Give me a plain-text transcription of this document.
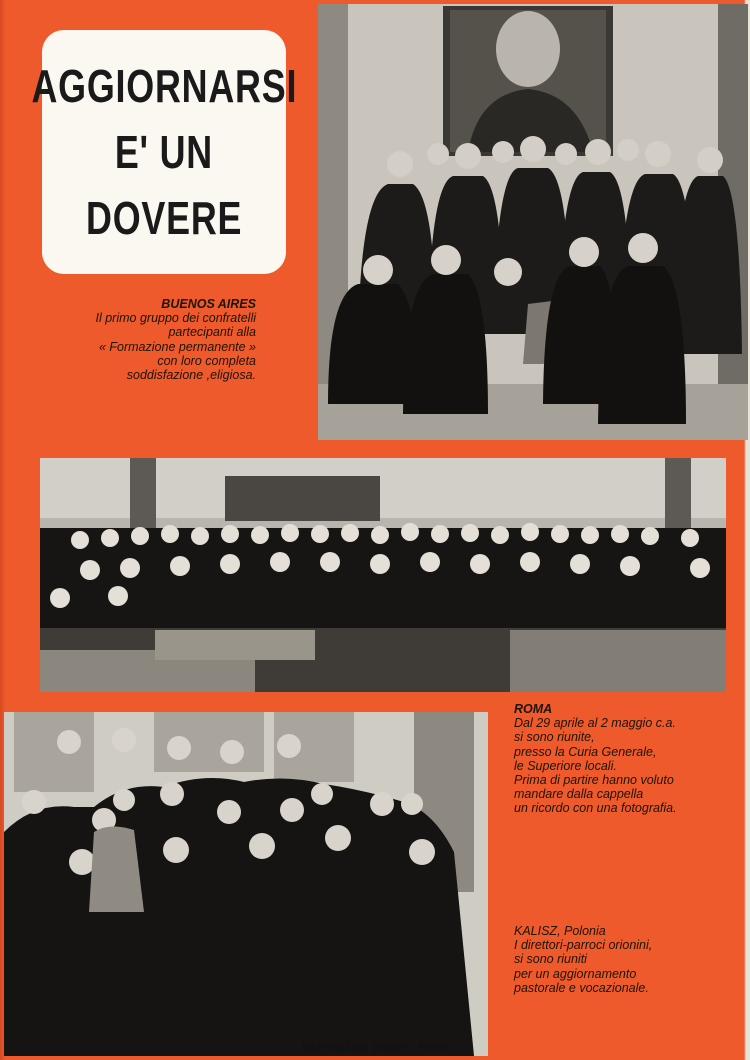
AGGIORNARSI
E' UN
DOVERE
BUENOS AIRES
Il primo gruppo dei confratelli
partecipanti alla
« Formazione permanente »
con loro completa
soddisfazione ,eligiosa.
ROMA
Dal 29 aprile al 2 maggio c.a.
si sono riunite,
presso la Curia Generale,
le Superiore locali.
Prima di partire hanno voluto
mandare dalla cappella
un ricordo con una fotografia.
KALISZ, Polonia
I direttori-parroci orionini,
si sono riuniti
per un aggiornamento
pastorale e vocazionale.
Archivio Don Orione - Roma
